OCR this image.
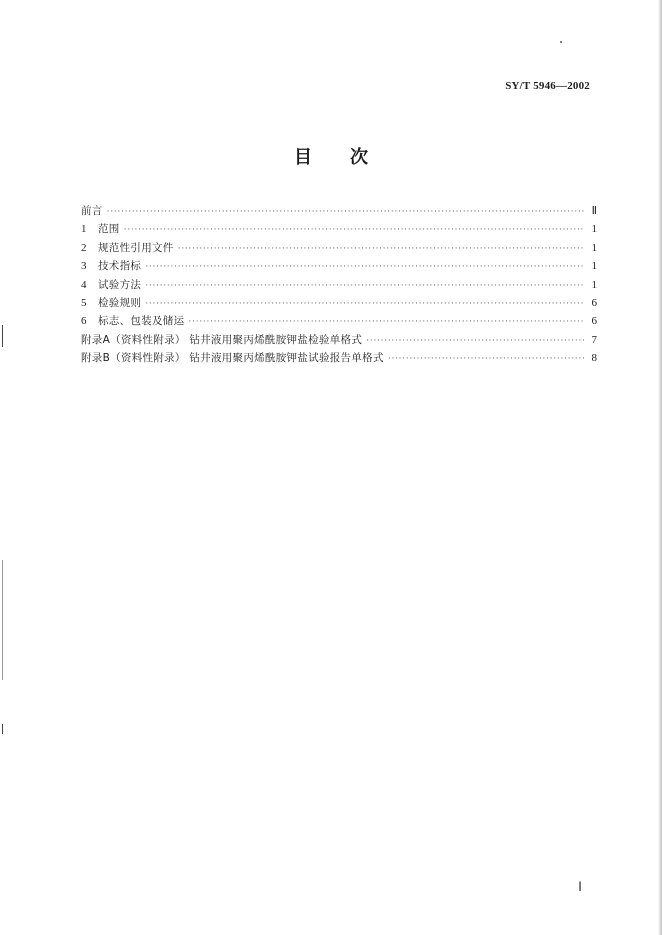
SY/T 5946—2002
目次
前言 ·····	Ⅱ
1	范围 ·····	1
2	规范性引用文件 ·····	1
3	技术指标 ·····	1
4	试验方法 ·····	1
5	检验规则 ·····	6
6	标志、包装及储运 ·····	6
附录A（资料性附录） 钻井液用聚丙烯酰胺钾盐检验单格式 ·····	7
附录B（资料性附录） 钻井液用聚丙烯酰胺钾盐试验报告单格式 ·····	8
Ⅰ
